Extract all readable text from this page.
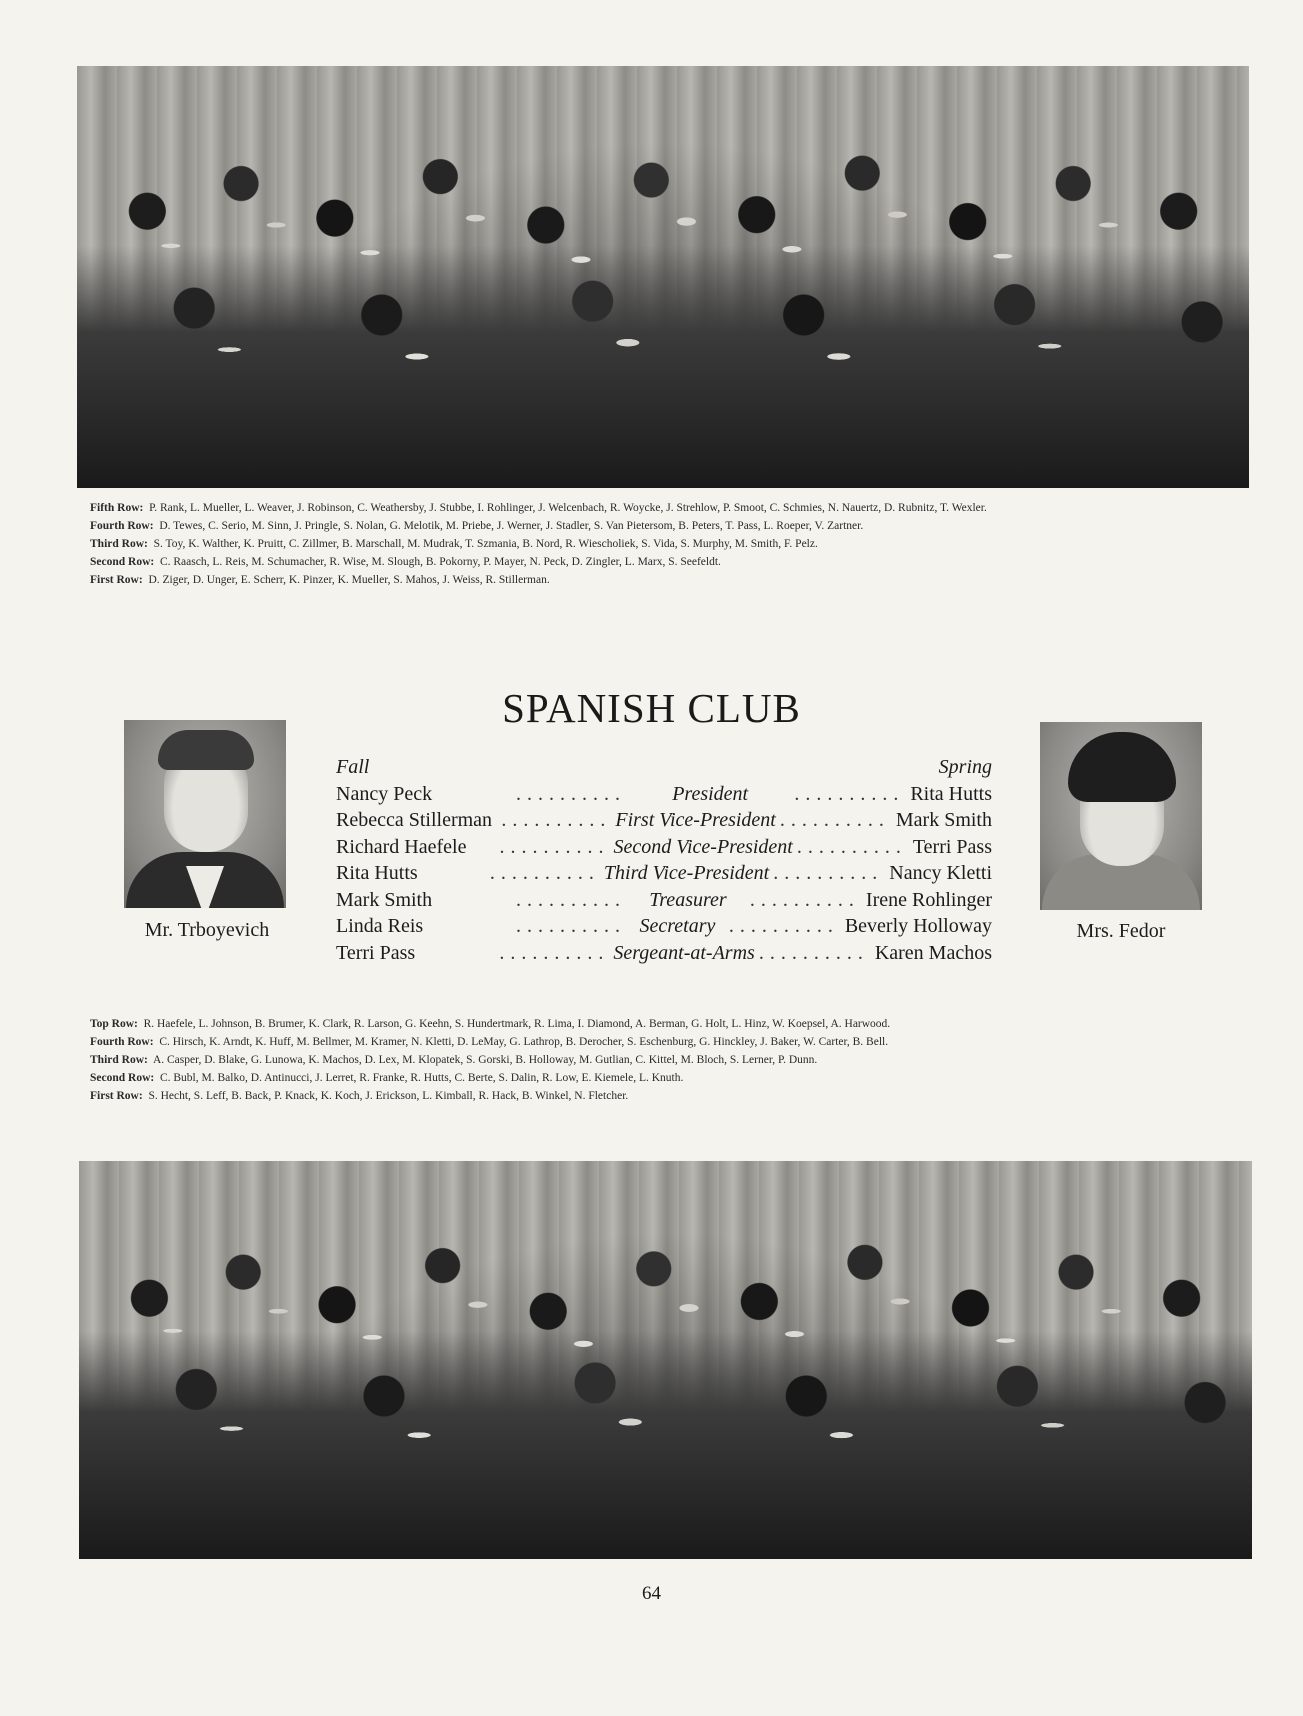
Fifth Row: P. Rank, L. Mueller, L. Weaver, J. Robinson, C. Weathersby, J. Stubbe, I. Rohlinger, J. Welcenbach, R. Woycke, J. Strehlow, P. Smoot, C. Schmies, N. Nauertz, D. Rubnitz, T. Wexler.
Fourth Row: D. Tewes, C. Serio, M. Sinn, J. Pringle, S. Nolan, G. Melotik, M. Priebe, J. Werner, J. Stadler, S. Van Pietersom, B. Peters, T. Pass, L. Roeper, V. Zartner.
Third Row: S. Toy, K. Walther, K. Pruitt, C. Zillmer, B. Marschall, M. Mudrak, T. Szmania, B. Nord, R. Wiescholiek, S. Vida, S. Murphy, M. Smith, F. Pelz.
Second Row: C. Raasch, L. Reis, M. Schumacher, R. Wise, M. Slough, B. Pokorny, P. Mayer, N. Peck, D. Zingler, L. Marx, S. Seefeldt.
First Row: D. Ziger, D. Unger, E. Scherr, K. Pinzer, K. Mueller, S. Mahos, J. Weiss, R. Stillerman.
SPANISH CLUB
Mr. Trboyevich	Mrs. Fedor
Fall	Spring
Nancy Peck	..........	President	.......... Rita Hutts
Rebecca Stillerman .......... First Vice-President .......... Mark Smith
Richard Haefele	.......... Second Vice-President .......... Terri Pass
Rita Hutts	.......... Third Vice-President .......... Nancy Kletti
Mark Smith	..........	Treasurer	.......... Irene Rohlinger
Linda Reis	.......... Secretary .......... Beverly Holloway
Terri Pass	.......... Sergeant-at-Arms .......... Karen Machos
Top Row: R. Haefele, L. Johnson, B. Brumer, K. Clark, R. Larson, G. Keehn, S. Hundertmark, R. Lima, I. Diamond, A. Berman, G. Holt, L. Hinz, W. Koepsel, A. Harwood.
Fourth Row: C. Hirsch, K. Arndt, K. Huff, M. Bellmer, M. Kramer, N. Kletti, D. LeMay, G. Lathrop, B. Derocher, S. Eschenburg, G. Hinckley, J. Baker, W. Carter, B. Bell.
Third Row: A. Casper, D. Blake, G. Lunowa, K. Machos, D. Lex, M. Klopatek, S. Gorski, B. Holloway, M. Gutlian, C. Kittel, M. Bloch, S. Lerner, P. Dunn.
Second Row: C. Bubl, M. Balko, D. Antinucci, J. Lerret, R. Franke, R. Hutts, C. Berte, S. Dalin, R. Low, E. Kiemele, L. Knuth.
First Row: S. Hecht, S. Leff, B. Back, P. Knack, K. Koch, J. Erickson, L. Kimball, R. Hack, B. Winkel, N. Fletcher.
64
